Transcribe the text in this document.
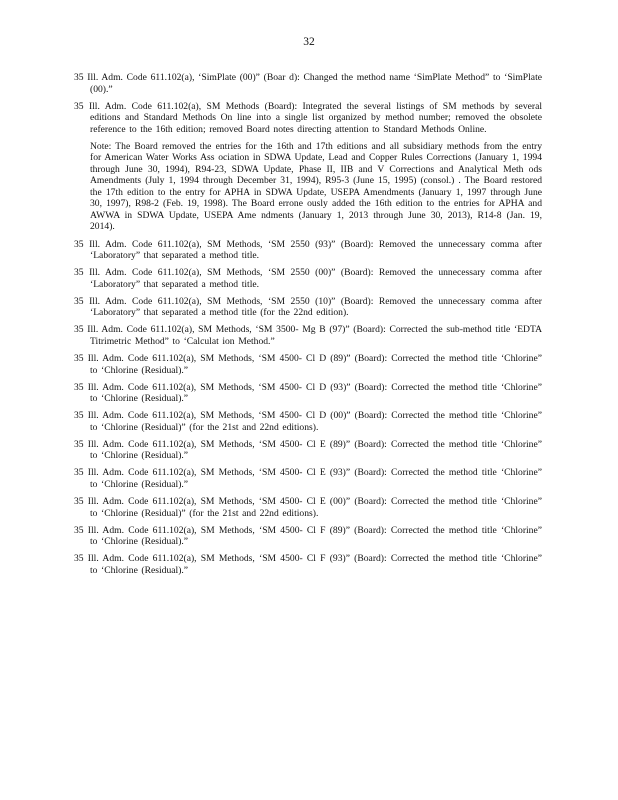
32

35 Ill. Adm. Code 611.102(a), ‘SimPlate (00)” (Boar d): Changed the method name ‘SimPlate Method” to ‘SimPlate (00).”

35 Ill. Adm. Code 611.102(a), SM Methods (Board): Integrated the several listings of SM methods by several editions and Standard Methods On line into a single list organized by method number; removed the obsolete reference to the 16th edition; removed Board notes directing attention to Standard Methods Online.

Note: The Board removed the entries for the 16th and 17th editions and all subsidiary methods from the entry for American Water Works Ass ociation in SDWA Update, Lead and Copper Rules Corrections (January 1, 1994 through June 30, 1994), R94-23, SDWA Update, Phase II, IIB and V Corrections and Analytical Meth ods Amendments (July 1, 1994 through December 31, 1994), R95-3 (June 15, 1995) (consol.) . The Board restored the 17th edition to the entry for APHA in SDWA Update, USEPA Amendments (January 1, 1997 through June 30, 1997), R98-2 (Feb. 19, 1998). The Board errone ously added the 16th edition to the entries for APHA and AWWA in SDWA Update, USEPA Ame ndments (January 1, 2013 through June 30, 2013), R14-8 (Jan. 19, 2014).

35 Ill. Adm. Code 611.102(a), SM Methods, ‘SM 2550 (93)” (Board): Removed the unnecessary comma after ‘Laboratory” that separated a method title.

35 Ill. Adm. Code 611.102(a), SM Methods, ‘SM 2550 (00)” (Board): Removed the unnecessary comma after ‘Laboratory” that separated a method title.

35 Ill. Adm. Code 611.102(a), SM Methods, ‘SM 2550 (10)” (Board): Removed the unnecessary comma after ‘Laboratory” that separated a method title (for the 22nd edition).

35 Ill. Adm. Code 611.102(a), SM Methods, ‘SM 3500- Mg B (97)” (Board): Corrected the sub-method title ‘EDTA Titrimetric Method” to ‘Calculat ion Method.”

35 Ill. Adm. Code 611.102(a), SM Methods, ‘SM 4500- Cl D (89)” (Board): Corrected the method title ‘Chlorine” to ‘Chlorine (Residual).”

35 Ill. Adm. Code 611.102(a), SM Methods, ‘SM 4500- Cl D (93)” (Board): Corrected the method title ‘Chlorine” to ‘Chlorine (Residual).”

35 Ill. Adm. Code 611.102(a), SM Methods, ‘SM 4500- Cl D (00)” (Board): Corrected the method title ‘Chlorine” to ‘Chlorine (Residual)” (for the 21st and 22nd editions).

35 Ill. Adm. Code 611.102(a), SM Methods, ‘SM 4500- Cl E (89)” (Board): Corrected the method title ‘Chlorine” to ‘Chlorine (Residual).”

35 Ill. Adm. Code 611.102(a), SM Methods, ‘SM 4500- Cl E (93)” (Board): Corrected the method title ‘Chlorine” to ‘Chlorine (Residual).”

35 Ill. Adm. Code 611.102(a), SM Methods, ‘SM 4500- Cl E (00)” (Board): Corrected the method title ‘Chlorine” to ‘Chlorine (Residual)” (for the 21st and 22nd editions).

35 Ill. Adm. Code 611.102(a), SM Methods, ‘SM 4500- Cl F (89)” (Board): Corrected the method title ‘Chlorine” to ‘Chlorine (Residual).”

35 Ill. Adm. Code 611.102(a), SM Methods, ‘SM 4500- Cl F (93)” (Board): Corrected the method title ‘Chlorine” to ‘Chlorine (Residual).”
